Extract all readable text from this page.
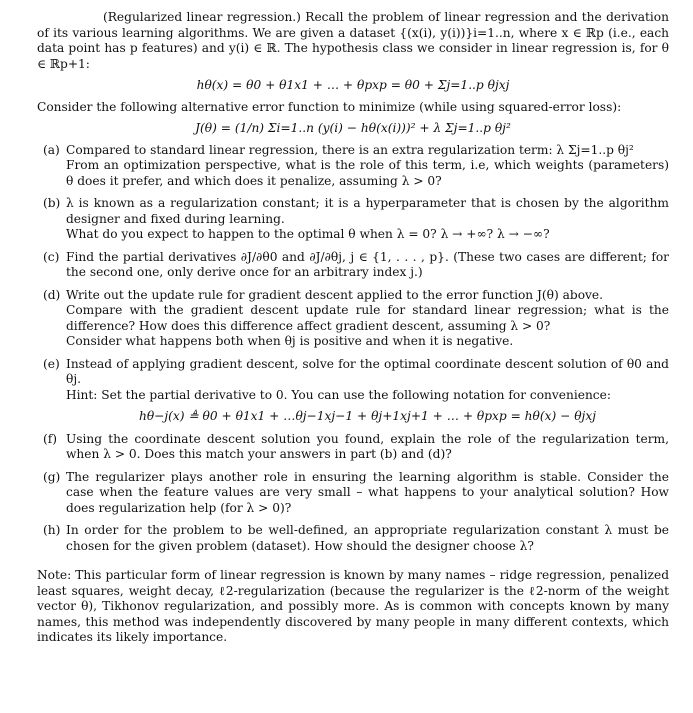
(Regularized linear regression.) Recall the problem of linear regression and the derivation of its various learning algorithms. We are given a dataset {(x(i), y(i))}i=1..n, where x ∈ ℝp (i.e., each data point has p features) and y(i) ∈ ℝ. The hypothesis class we consider in linear regression is, for θ ∈ ℝp+1:

hθ(x) = θ0 + θ1x1 + … + θpxp = θ0 + Σj=1..p θjxj

Consider the following alternative error function to minimize (while using squared-error loss):

J(θ) = (1/n) Σi=1..n (y(i) − hθ(x(i)))² + λ Σj=1..p θj²
(a) Compared to standard linear regression, there is an extra regularization term: λ Σj=1..p θj²

From an optimization perspective, what is the role of this term, i.e, which weights (parameters) θ does it prefer, and which does it penalize, assuming λ > 0?

(b) λ is known as a regularization constant; it is a hyperparameter that is chosen by the algorithm designer and fixed during learning.

What do you expect to happen to the optimal θ when λ = 0? λ → +∞? λ → −∞?

(c) Find the partial derivatives ∂J/∂θ0 and ∂J/∂θj, j ∈ {1, . . . , p}. (These two cases are different; for the second one, only derive once for an arbitrary index j.)

(d) Write out the update rule for gradient descent applied to the error function J(θ) above.

Compare with the gradient descent update rule for standard linear regression; what is the difference? How does this difference affect gradient descent, assuming λ > 0?

Consider what happens both when θj is positive and when it is negative.

(e) Instead of applying gradient descent, solve for the optimal coordinate descent solution of θ0 and θj.

Hint: Set the partial derivative to 0. You can use the following notation for convenience:

hθ−j(x) ≜ θ0 + θ1x1 + …θj−1xj−1 + θj+1xj+1 + … + θpxp = hθ(x) − θjxj
(f) Using the coordinate descent solution you found, explain the role of the regularization term, when λ > 0. Does this match your answers in part (b) and (d)?

(g) The regularizer plays another role in ensuring the learning algorithm is stable. Consider the case when the feature values are very small – what happens to your analytical solution? How does regularization help (for λ > 0)?

(h) In order for the problem to be well-defined, an appropriate regularization constant λ must be chosen for the given problem (dataset). How should the designer choose λ?

Note: This particular form of linear regression is known by many names – ridge regression, penalized least squares, weight decay, ℓ2-regularization (because the regularizer is the ℓ2-norm of the weight vector θ), Tikhonov regularization, and possibly more. As is common with concepts known by many names, this method was independently discovered by many people in many different contexts, which indicates its likely importance.
